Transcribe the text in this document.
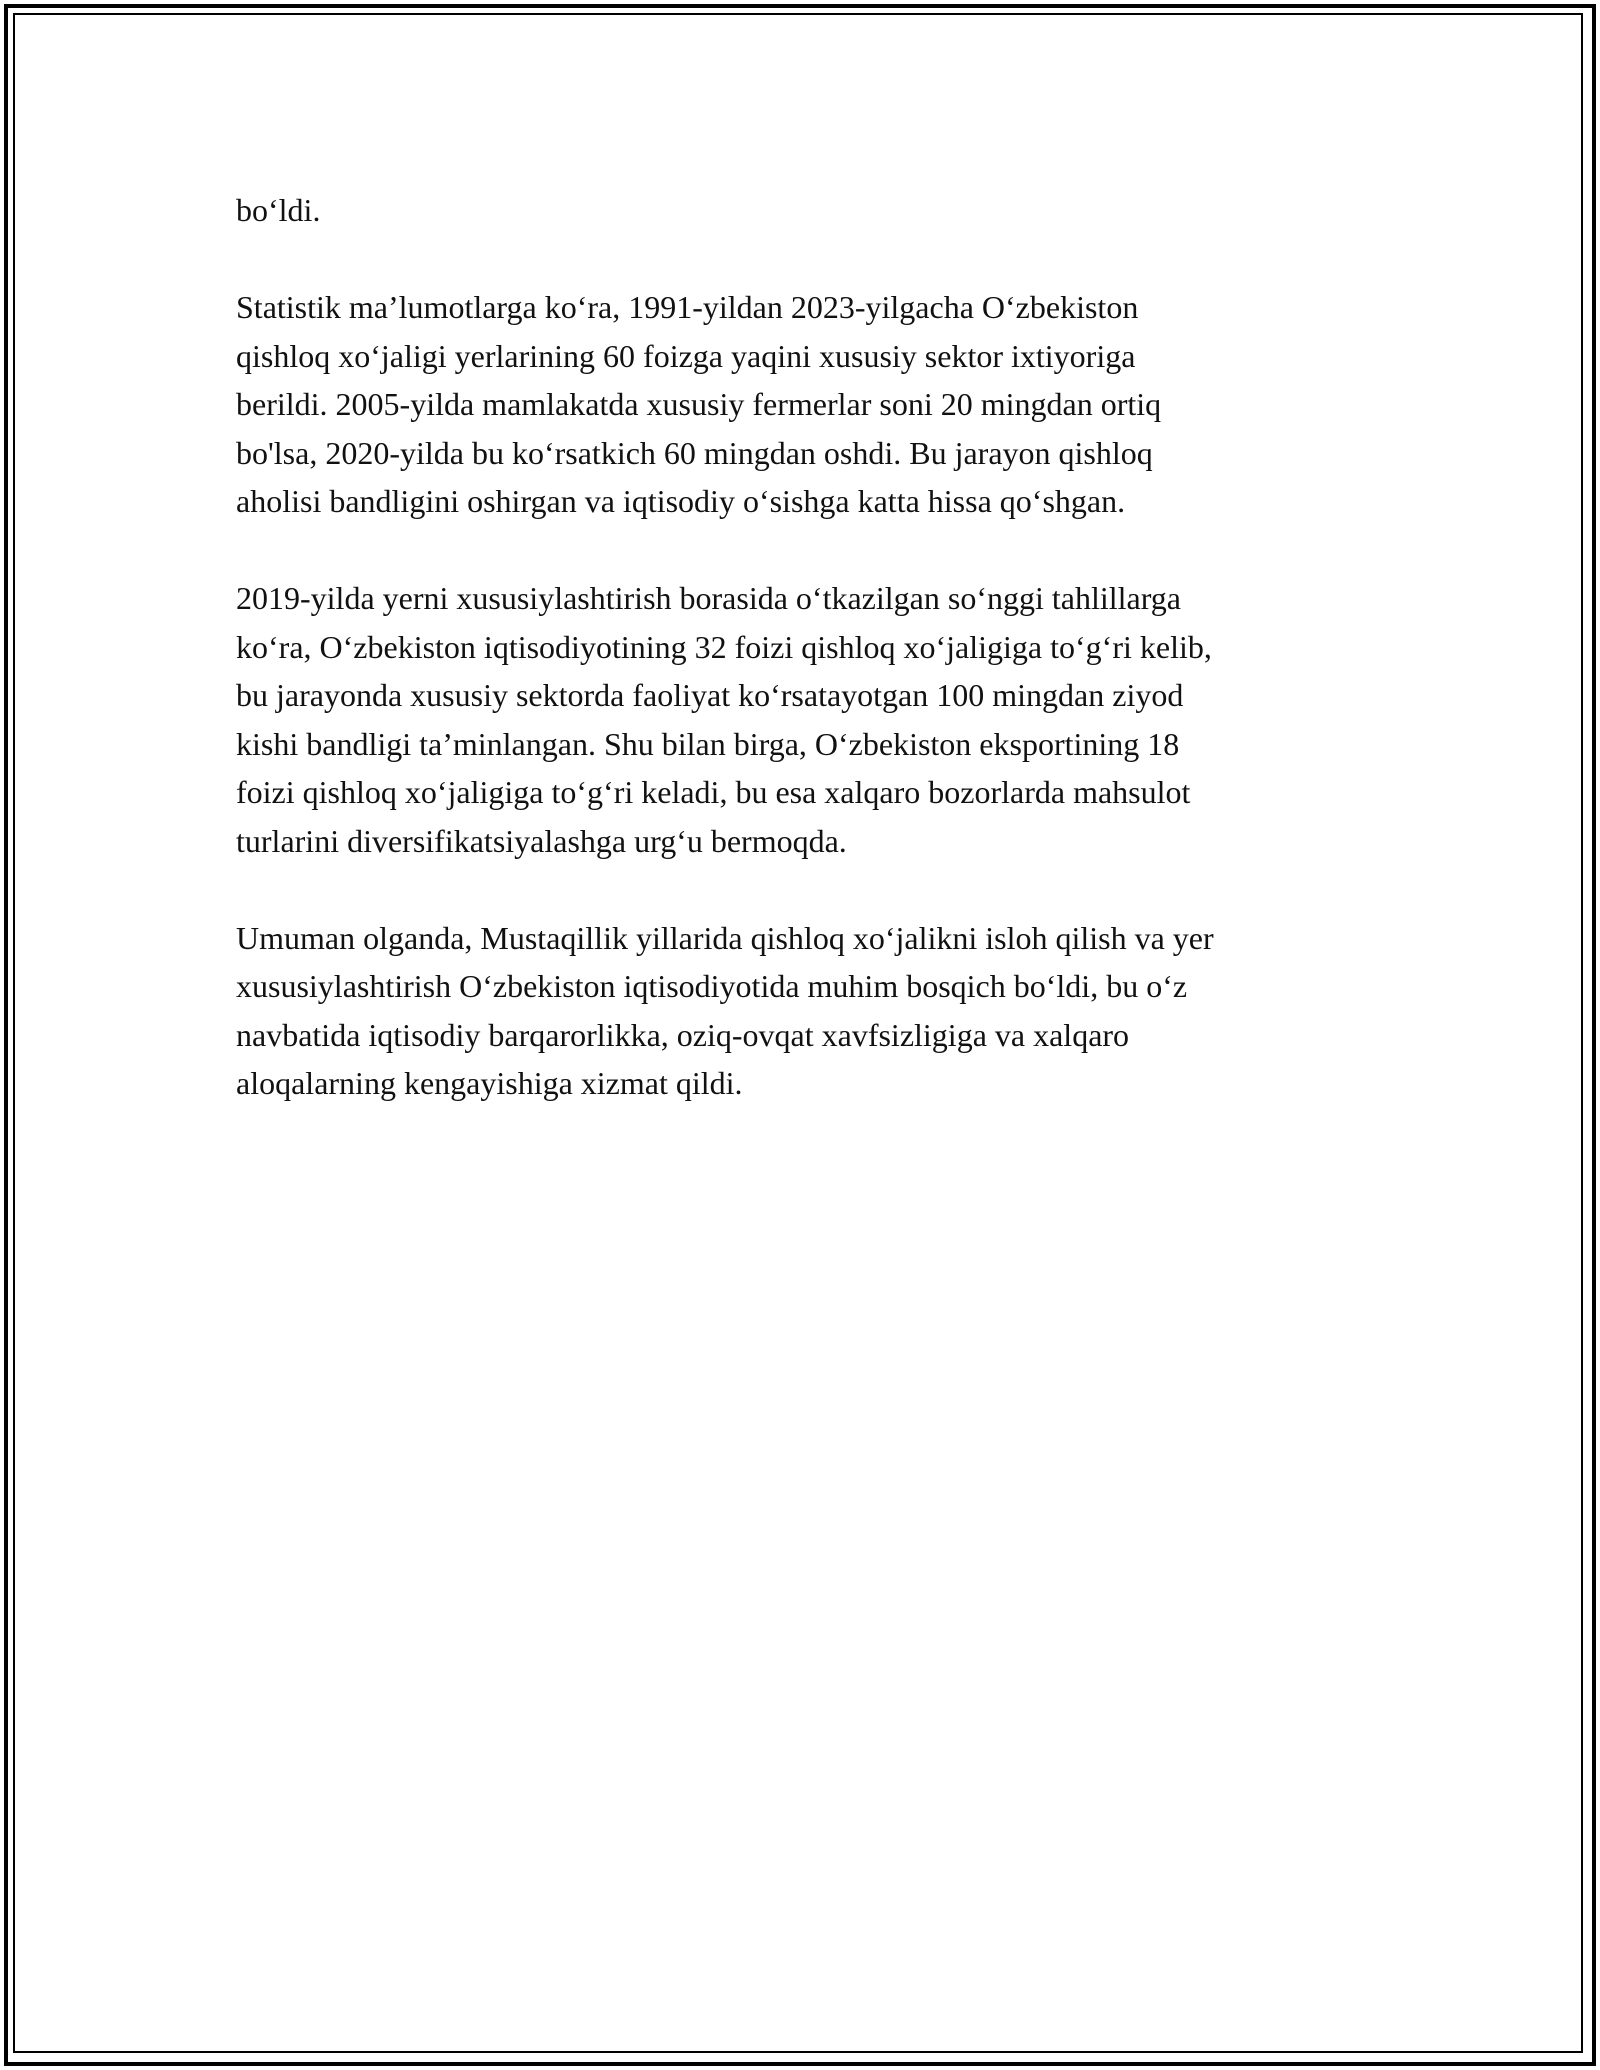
bo‘ldi.
Statistik ma’lumotlarga ko‘ra, 1991-yildan 2023-yilgacha O‘zbekiston
qishloq xo‘jaligi yerlarining 60 foizga yaqini xususiy sektor ixtiyoriga
berildi. 2005-yilda mamlakatda xususiy fermerlar soni 20 mingdan ortiq
bo'lsa, 2020-yilda bu ko‘rsatkich 60 mingdan oshdi. Bu jarayon qishloq
aholisi bandligini oshirgan va iqtisodiy o‘sishga katta hissa qo‘shgan.
2019-yilda yerni xususiylashtirish borasida o‘tkazilgan so‘nggi tahlillarga
ko‘ra, O‘zbekiston iqtisodiyotining 32 foizi qishloq xo‘jaligiga to‘g‘ri kelib,
bu jarayonda xususiy sektorda faoliyat ko‘rsatayotgan 100 mingdan ziyod
kishi bandligi ta’minlangan. Shu bilan birga, O‘zbekiston eksportining 18
foizi qishloq xo‘jaligiga to‘g‘ri keladi, bu esa xalqaro bozorlarda mahsulot
turlarini diversifikatsiyalashga urg‘u bermoqda.
Umuman olganda, Mustaqillik yillarida qishloq xo‘jalikni isloh qilish va yer
xususiylashtirish O‘zbekiston iqtisodiyotida muhim bosqich bo‘ldi, bu o‘z
navbatida iqtisodiy barqarorlikka, oziq-ovqat xavfsizligiga va xalqaro
aloqalarning kengayishiga xizmat qildi.
